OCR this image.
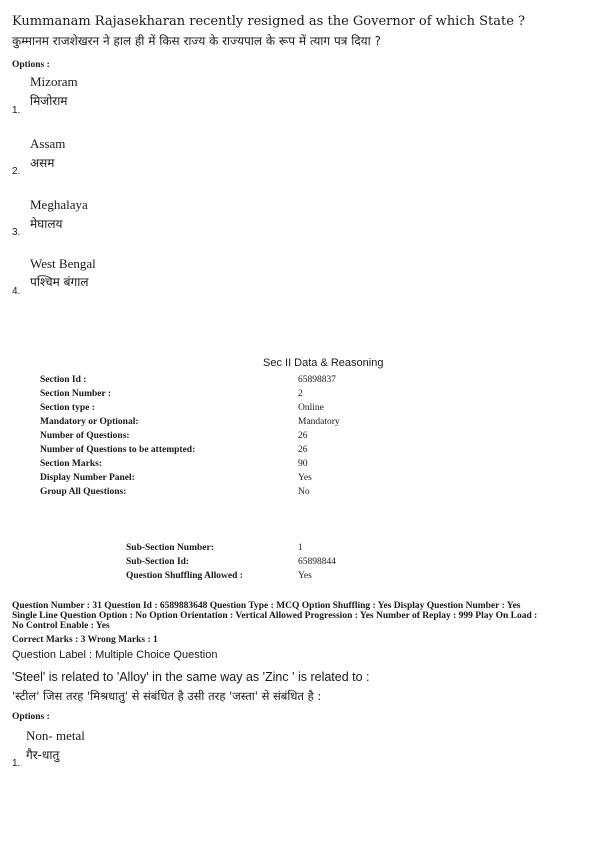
Kummanam Rajasekharan recently resigned as the Governor of which State ?
कुम्मानम राजशेखरन ने हाल ही में किस राज्य के राज्यपाल के रूप में त्याग पत्र दिया ?
Options :
Mizoram
मिजोराम
1.
Assam
असम
2.
Meghalaya
मेघालय
3.
West Bengal
पश्चिम बंगाल
4.
Sec II Data & Reasoning
Section Id :	65898837
Section Number :	2
Section type :	Online
Mandatory or Optional:	Mandatory
Number of Questions:	26
Number of Questions to be attempted:	26
Section Marks:	90
Display Number Panel:	Yes
Group All Questions:	No
Sub-Section Number:	1
Sub-Section Id:	65898844
Question Shuffling Allowed :	Yes
Question Number : 31 Question Id : 6589883648 Question Type : MCQ Option Shuffling : Yes Display Question Number : Yes
Single Line Question Option : No Option Orientation : Vertical Allowed Progression : Yes Number of Replay : 999 Play On Load :
No Control Enable : Yes
Correct Marks : 3 Wrong Marks : 1
Question Label : Multiple Choice Question
'Steel' is related to 'Alloy' in the same way as 'Zinc ' is related to :
'स्टील' जिस तरह 'मिश्रधातु' से संबंधित है उसी तरह 'जस्ता' से संबंधित है :
Options :
Non- metal
गैर-धातु
1.
